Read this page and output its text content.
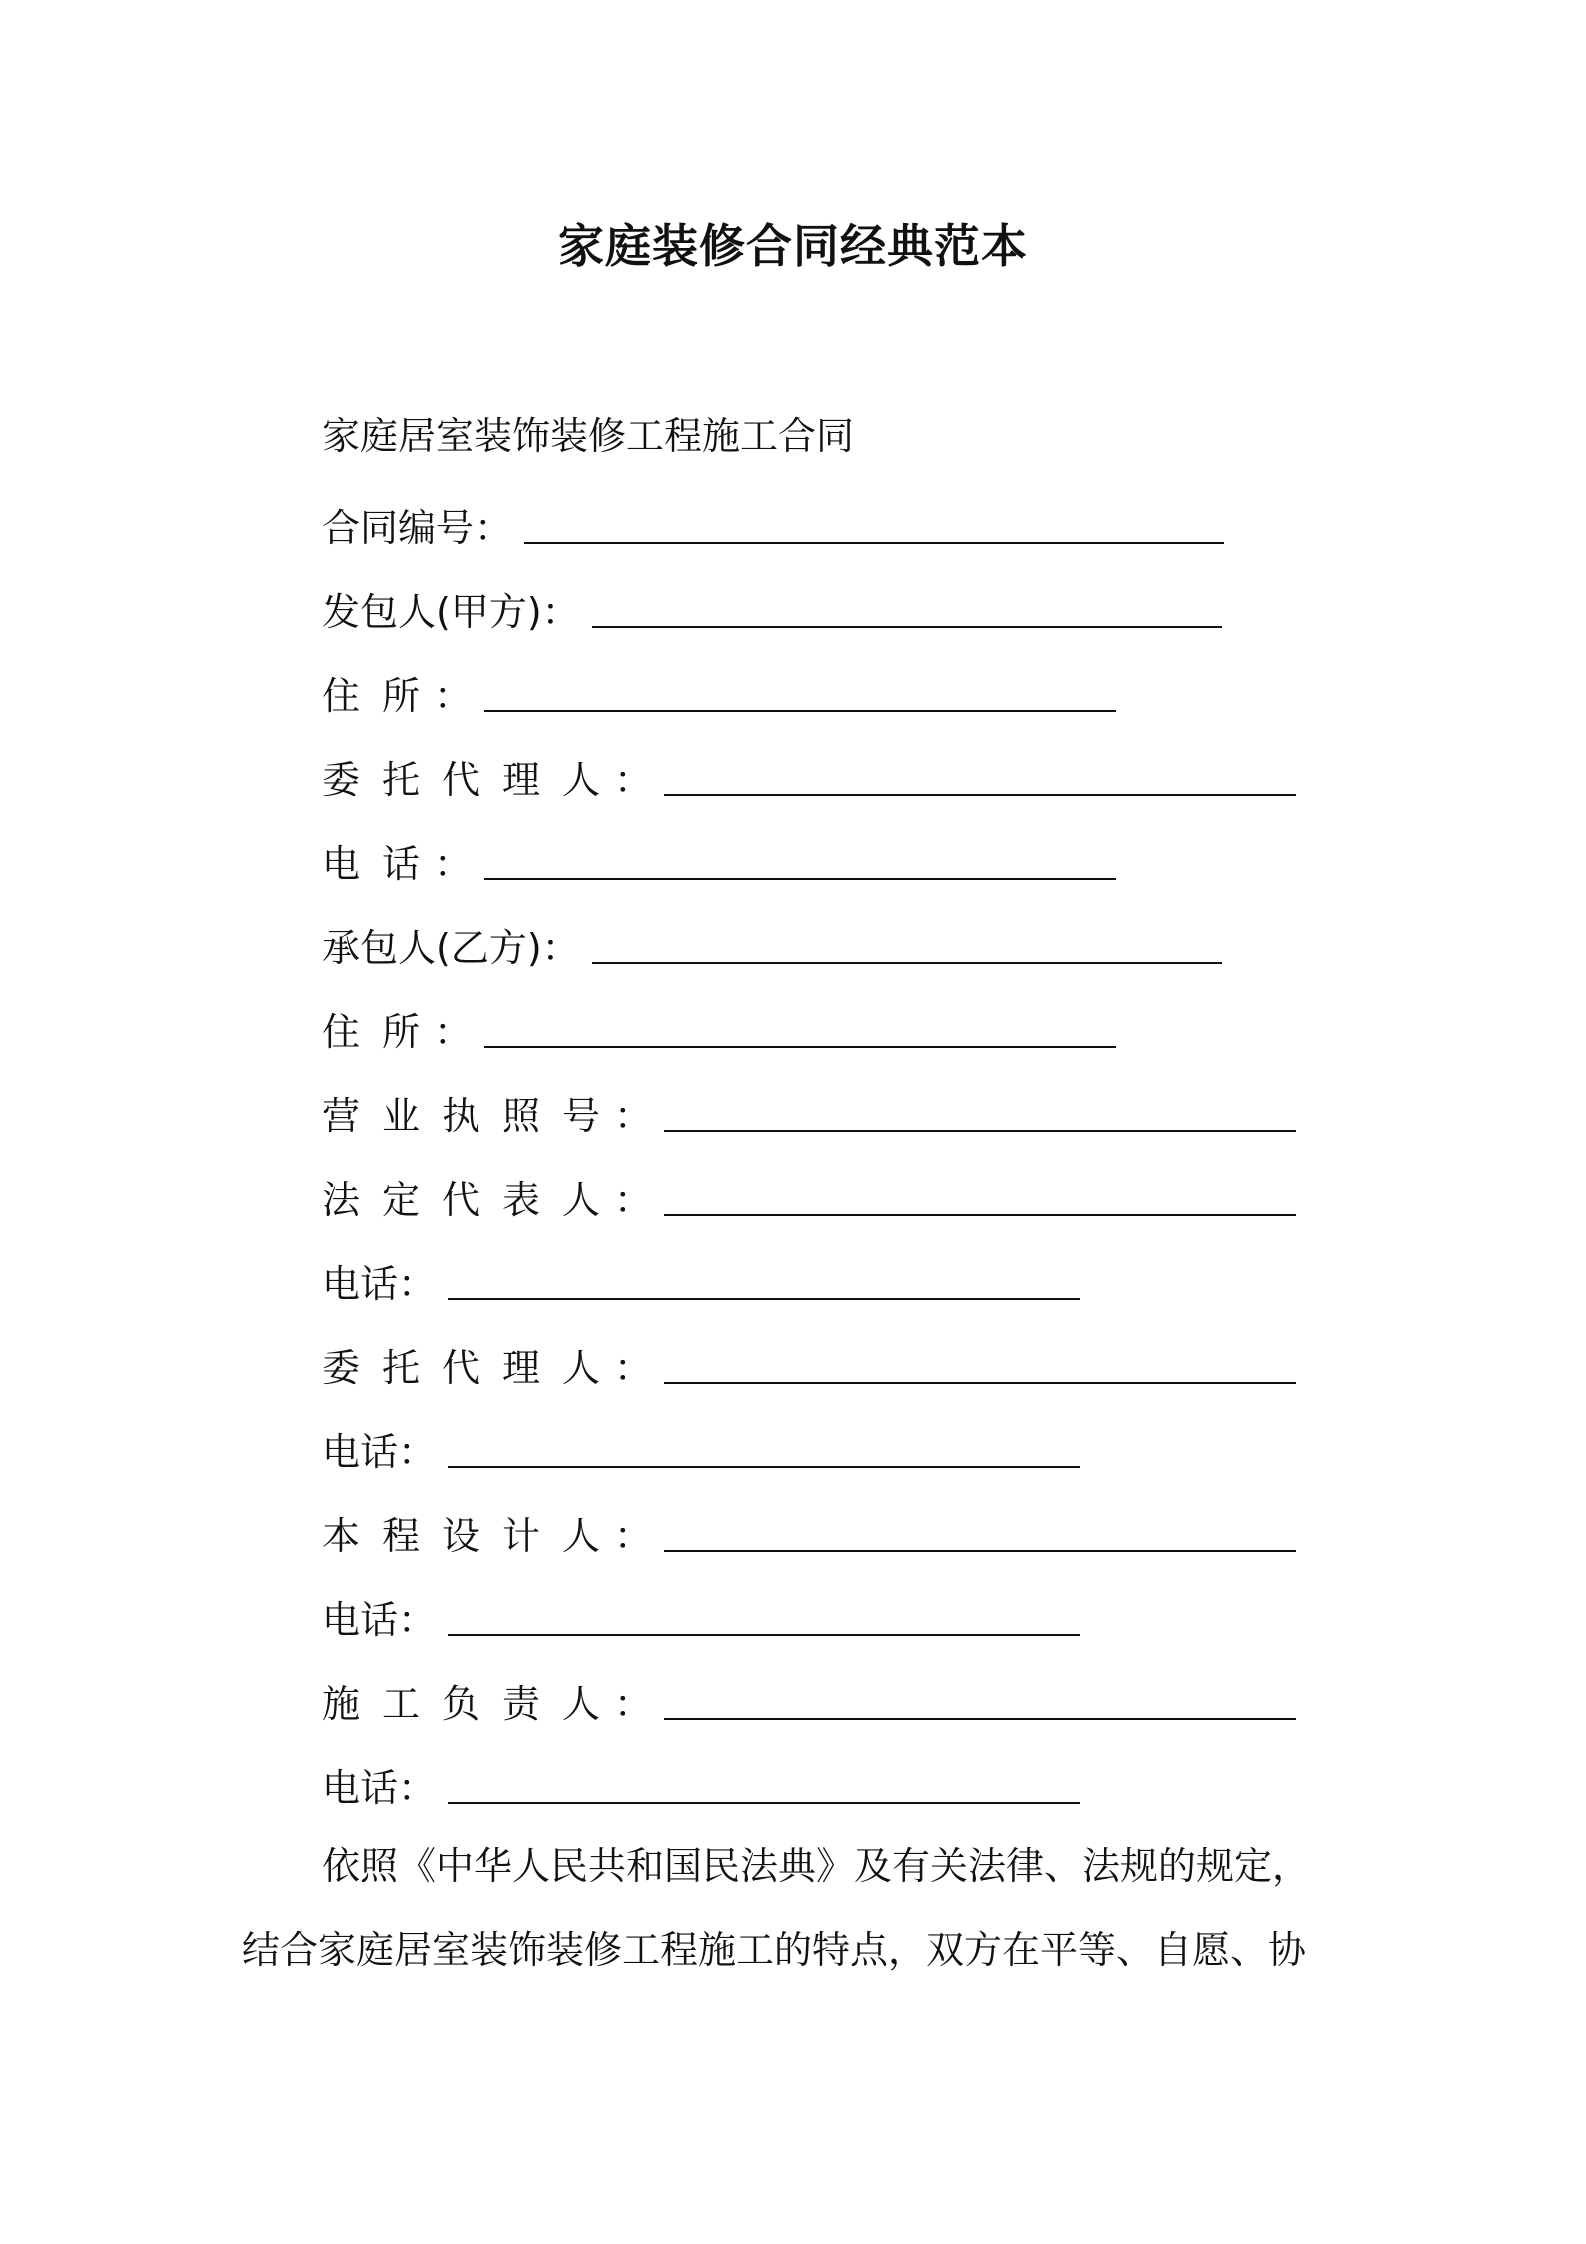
家庭装修合同经典范本
家庭居室装饰装修工程施工合同
合同编号 ：
发包人(甲方) ：
住所
：
委托代理人
：
电话
：
承包人(乙方) ：
住所
：
营业执照号
：
法定代表人
：
电话 ：
委托代理人
：
电话 ：
本程设计人
：
电话 ：
施工负责人
：
电话 ：
依照《中华人民共和国民法典》及有关法律、法规的规定，
结合家庭居室装饰装修工程施工的特点，双方在平等、自愿、协
